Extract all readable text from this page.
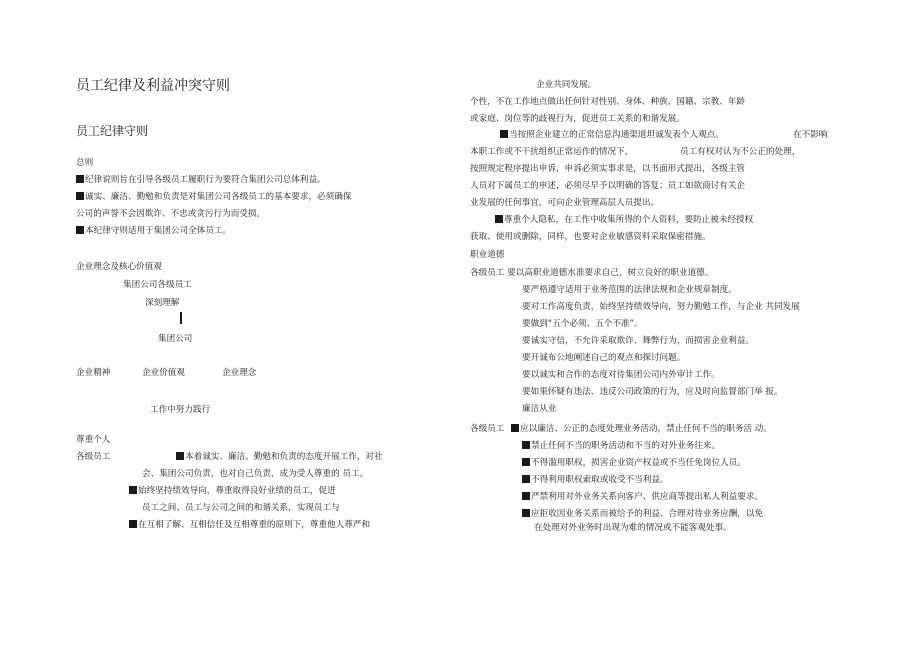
员工纪律及利益冲突守则
员工纪律守则
总则
纪律说则旨在引导各级员工履职行为要符合集团公司总体利益。
诚实、廉洁、勤勉和负责是对集团公司各级员工的基本要求，必须确保
公司的声誉不会因欺诈、不忠或贪污行为而受损。
本纪律守则适用于集团公司全体员工。
企业理念及核心价值观
集团公司各级员工
深刻理解
集团公司
企业精神	企业价值观	企业理念
工作中努力践行
尊重个人
各级员工	本着诚实、廉洁、勤勉和负责的态度开展工作，对社
会、集团公司负责，也对自己负责，成为受人尊重的 员工。
始终坚持绩效导向，尊重取得良好业绩的员工，促进
员工之间、员工与公司之间的和谐关系，实现员工与
在互相了解、互相信任及互相尊重的原则下，尊重他人尊严和
企业共同发展。
个性，不在工作地点做出任何针对性别、身体、种族、国籍、宗教、年龄
或家庭、岗位等的歧视行为，促进员工关系的和谐发展。
当按照企业建立的正常信息沟通渠道坦诚发表个人观点。	在不影响
本职工作或不干扰组织正常运作的情况下，	员工有权对认为不公正的处理，
按照规定程序提出申诉，申诉必须实事求是，以书面形式提出，各级主管
人员对下属员工的申述，必须尽早予以明确的答复；员工如欲商讨有关企
业发展的任何事宜，可向企业管理高层人员提出。
尊重个人隐私，在工作中收集所得的个人资料，要防止被未经授权
获取、使用或删除，同样，也要对企业敏感资料采取保密措施。
职业道德
各级员工 要以高职业道德水准要求自己，树立良好的职业道德。
要严格遵守适用于业务范围的法律法规和企业规章制度。
要对工作高度负责，始终坚持绩效导向，努力勤勉工作，与企业 共同发展
要做到“五个必须、五个不准”。
要诚实守信，不允许采取欺诈、舞弊行为，而损害企业利益。
要开诚布公地阐述自己的观点和探讨问题。
要以诚实和合作的态度对待集团公司内外审计工作。
要如果怀疑有违法、违反公司政策的行为，应及时向监督部门举 报。
廉洁从业
各级员工	应以廉洁、公正的态度处理业务活动，禁止任何不当的职务活 动。
禁止任何不当的职务活动和不当的对外业务往来。
不得滥用职权，损害企业资产权益或不当任免岗位人员。
不得利用职权索取或收受不当利益。
严禁利用对外业务关系向客户、供应商等提出私人利益要求。
应拒收因业务关系而被给予的利益、合理对待业务应酬，以免
在处理对外业务时出现为难的情况或不能客观处事。
